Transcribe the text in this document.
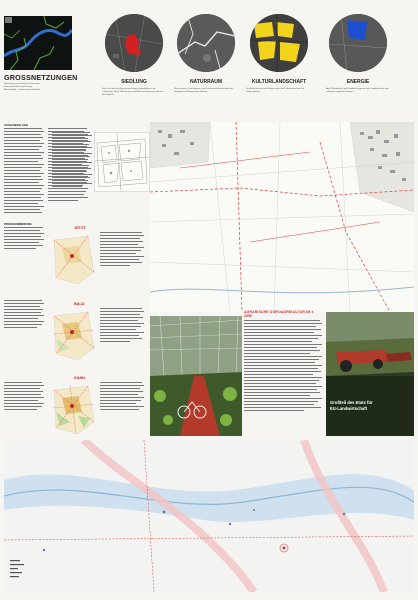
GROSSNETZUNGEN
Vernetzung von Siedlung, Naturraum,
Kulturlandschaft und Energie
Masterarbeit · Landschaftsarchitektur
SIEDLUNG	NATURRAUM	KULTURLANDSCHAFT	ENERGIE
Das Dorf und der Regionsrand liegen eingebettet in die Landschaft. Neue Wohnformen und Nachverdichtung ergänzen die Struktur.
Wasserläufe, Feuchtwiesen und Gehölzstrukturen bilden das ökologische Rückgrat des Gebiets.
Die Ackerflächen und Wege prägen die Kulturlandschaft seit Jahrhunderten.
Agri-Photovoltaik und Windkraft ergänzen die Landwirtschaft und erzeugen regionale Energie.
AUSGANGSLAGE
PROGRAMMIERUNG
JETZT
BALD
DANN
AGRARISCHE DOROAGRIKULTUR IM ± 2050
Großteil des Etats für
EU-Landwirtschaft
